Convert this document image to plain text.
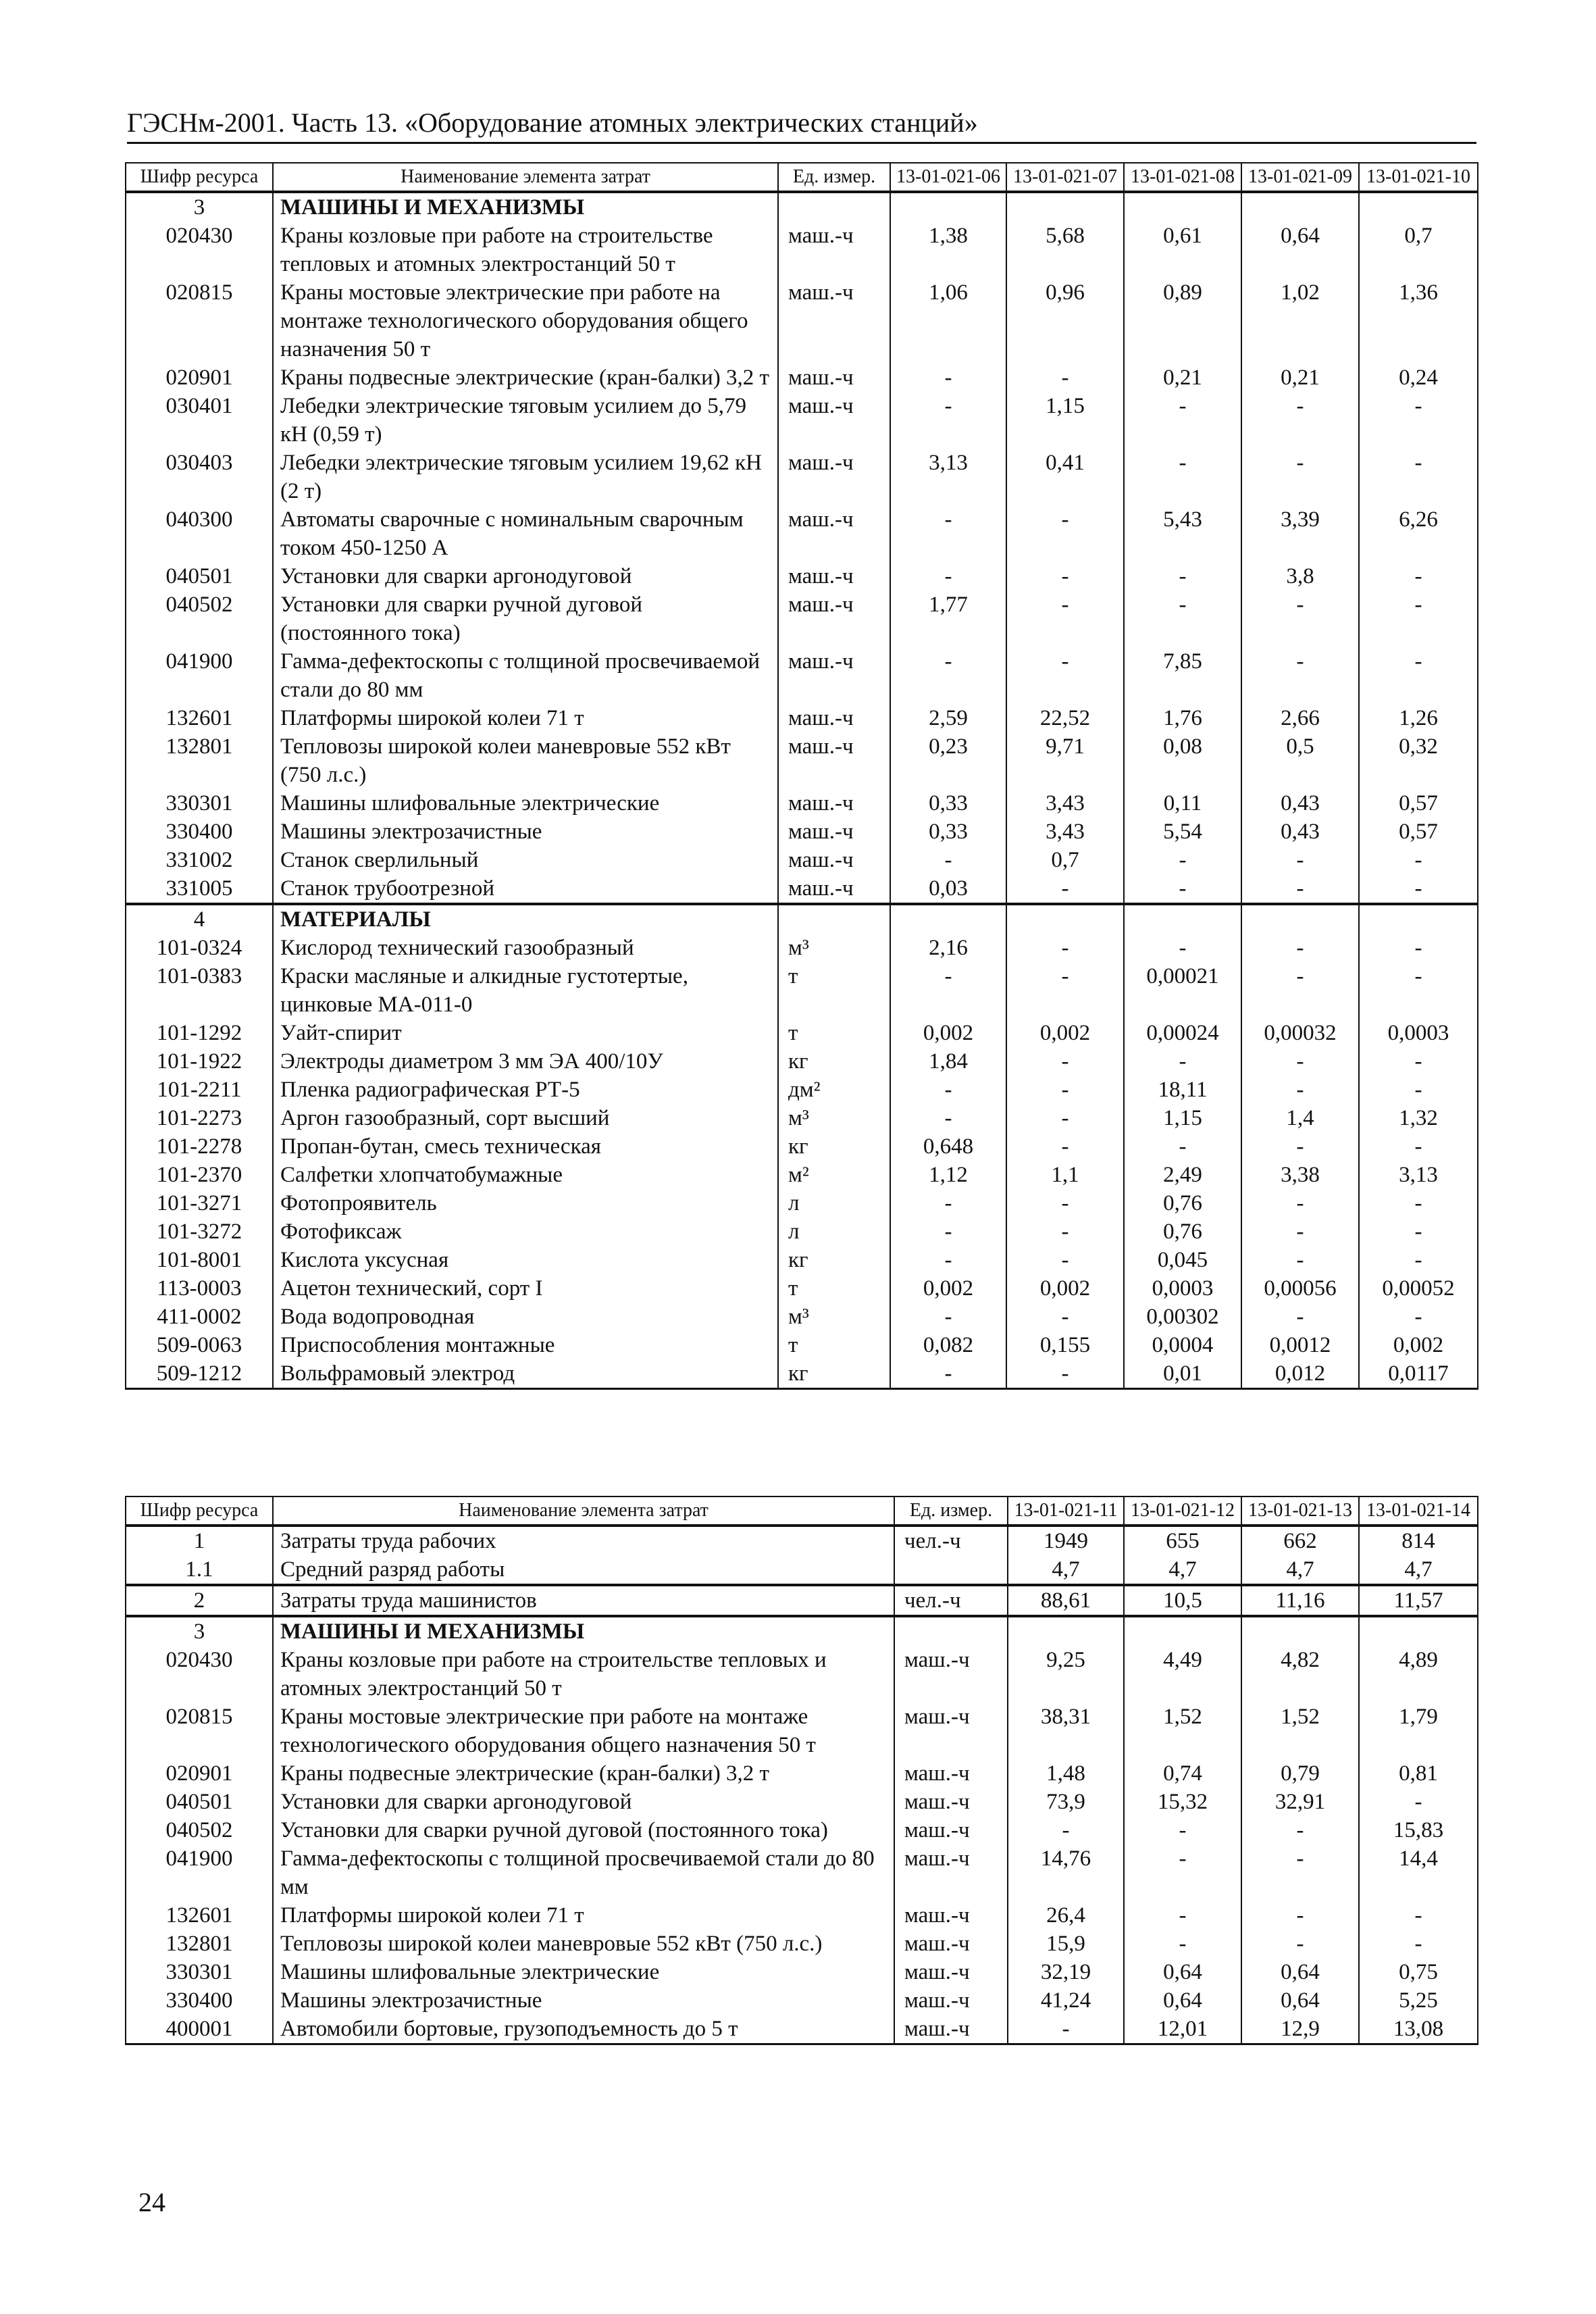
ГЭСНм-2001. Часть 13. «Оборудование атомных электрических станций»
Шифр ресурса	Наименование элемента затрат	Ед. измер.	13-01-021-06	13-01-021-07	13-01-021-08	13-01-021-09	13-01-021-10
3	МАШИНЫ И МЕХАНИЗМЫ						
020430	Краны козловые при работе на строительстве тепловых и атомных электростанций 50 т	маш.-ч	1,38	5,68	0,61	0,64	0,7
020815	Краны мостовые электрические при работе на монтаже технологического оборудования общего назначения 50 т	маш.-ч	1,06	0,96	0,89	1,02	1,36
020901	Краны подвесные электрические (кран-балки) 3,2 т	маш.-ч	-	-	0,21	0,21	0,24
030401	Лебедки электрические тяговым усилием до 5,79 кН (0,59 т)	маш.-ч	-	1,15	-	-	-
030403	Лебедки электрические тяговым усилием 19,62 кН (2 т)	маш.-ч	3,13	0,41	-	-	-
040300	Автоматы сварочные с номинальным сварочным током 450-1250 А	маш.-ч	-	-	5,43	3,39	6,26
040501	Установки для сварки аргонодуговой	маш.-ч	-	-	-	3,8	-
040502	Установки для сварки ручной дуговой (постоянного тока)	маш.-ч	1,77	-	-	-	-
041900	Гамма-дефектоскопы с толщиной просвечиваемой стали до 80 мм	маш.-ч	-	-	7,85	-	-
132601	Платформы широкой колеи 71 т	маш.-ч	2,59	22,52	1,76	2,66	1,26
132801	Тепловозы широкой колеи маневровые 552 кВт (750 л.с.)	маш.-ч	0,23	9,71	0,08	0,5	0,32
330301	Машины шлифовальные электрические	маш.-ч	0,33	3,43	0,11	0,43	0,57
330400	Машины электрозачистные	маш.-ч	0,33	3,43	5,54	0,43	0,57
331002	Станок сверлильный	маш.-ч	-	0,7	-	-	-
331005	Станок трубоотрезной	маш.-ч	0,03	-	-	-	-
4	МАТЕРИАЛЫ						
101-0324	Кислород технический газообразный	м³	2,16	-	-	-	-
101-0383	Краски масляные и алкидные густотертые, цинковые МА-011-0	т	-	-	0,00021	-	-
101-1292	Уайт-спирит	т	0,002	0,002	0,00024	0,00032	0,0003
101-1922	Электроды диаметром 3 мм ЭА 400/10У	кг	1,84	-	-	-	-
101-2211	Пленка радиографическая РТ-5	дм²	-	-	18,11	-	-
101-2273	Аргон газообразный, сорт высший	м³	-	-	1,15	1,4	1,32
101-2278	Пропан-бутан, смесь техническая	кг	0,648	-	-	-	-
101-2370	Салфетки хлопчатобумажные	м²	1,12	1,1	2,49	3,38	3,13
101-3271	Фотопроявитель	л	-	-	0,76	-	-
101-3272	Фотофиксаж	л	-	-	0,76	-	-
101-8001	Кислота уксусная	кг	-	-	0,045	-	-
113-0003	Ацетон технический, сорт I	т	0,002	0,002	0,0003	0,00056	0,00052
411-0002	Вода водопроводная	м³	-	-	0,00302	-	-
509-0063	Приспособления монтажные	т	0,082	0,155	0,0004	0,0012	0,002
509-1212	Вольфрамовый электрод	кг	-	-	0,01	0,012	0,0117
Шифр ресурса	Наименование элемента затрат	Ед. измер.	13-01-021-11	13-01-021-12	13-01-021-13	13-01-021-14
1	Затраты труда рабочих	чел.-ч	1949	655	662	814
1.1	Средний разряд работы		4,7	4,7	4,7	4,7
2	Затраты труда машинистов	чел.-ч	88,61	10,5	11,16	11,57
3	МАШИНЫ И МЕХАНИЗМЫ					
020430	Краны козловые при работе на строительстве тепловых и атомных электростанций 50 т	маш.-ч	9,25	4,49	4,82	4,89
020815	Краны мостовые электрические при работе на монтаже технологического оборудования общего назначения 50 т	маш.-ч	38,31	1,52	1,52	1,79
020901	Краны подвесные электрические (кран-балки) 3,2 т	маш.-ч	1,48	0,74	0,79	0,81
040501	Установки для сварки аргонодуговой	маш.-ч	73,9	15,32	32,91	-
040502	Установки для сварки ручной дуговой (постоянного тока)	маш.-ч	-	-	-	15,83
041900	Гамма-дефектоскопы с толщиной просвечиваемой стали до 80 мм	маш.-ч	14,76	-	-	14,4
132601	Платформы широкой колеи 71 т	маш.-ч	26,4	-	-	-
132801	Тепловозы широкой колеи маневровые 552 кВт (750 л.с.)	маш.-ч	15,9	-	-	-
330301	Машины шлифовальные электрические	маш.-ч	32,19	0,64	0,64	0,75
330400	Машины электрозачистные	маш.-ч	41,24	0,64	0,64	5,25
400001	Автомобили бортовые, грузоподъемность до 5 т	маш.-ч	-	12,01	12,9	13,08
24
